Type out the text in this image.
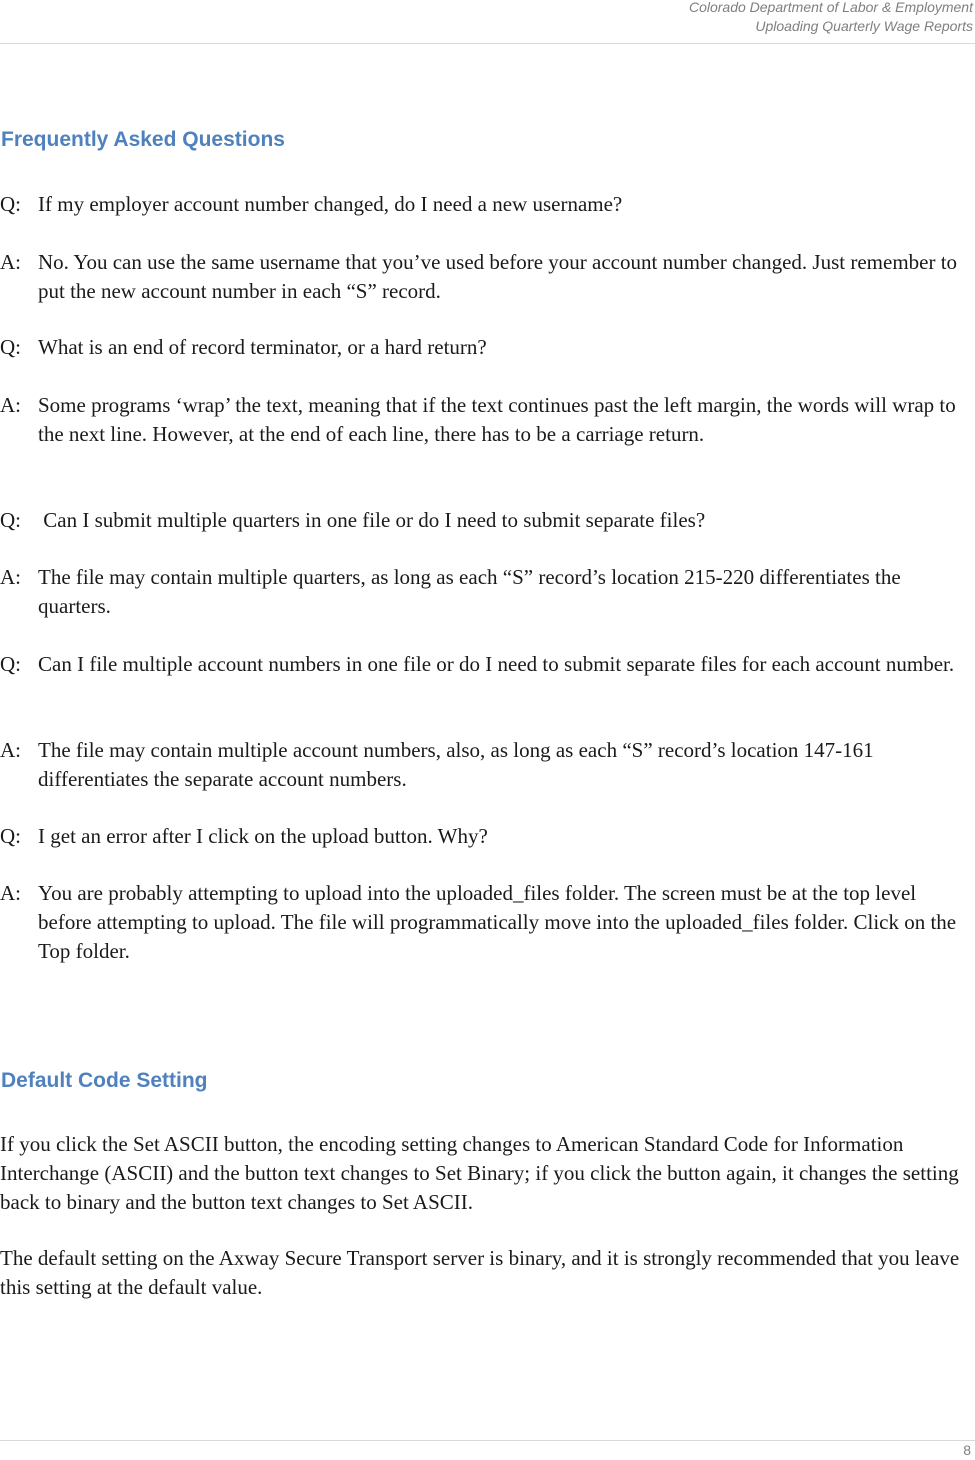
Colorado Department of Labor & Employment
Uploading Quarterly Wage Reports
Frequently Asked Questions
Q: If my employer account number changed, do I need a new username?
A: No. You can use the same username that you’ve used before your account number changed. Just remember to put the new account number in each “S” record.
Q: What is an end of record terminator, or a hard return?
A: Some programs ‘wrap’ the text, meaning that if the text continues past the left margin, the words will wrap to the next line. However, at the end of each line, there has to be a carriage return.
Q: Can I submit multiple quarters in one file or do I need to submit separate files?
A: The file may contain multiple quarters, as long as each “S” record’s location 215-220 differentiates the quarters.
Q: Can I file multiple account numbers in one file or do I need to submit separate files for each account number.
A: The file may contain multiple account numbers, also, as long as each “S” record’s location 147-161 differentiates the separate account numbers.
Q: I get an error after I click on the upload button. Why?
A: You are probably attempting to upload into the uploaded_files folder. The screen must be at the top level before attempting to upload. The file will programmatically move into the uploaded_files folder. Click on the Top folder.
Default Code Setting
If you click the Set ASCII button, the encoding setting changes to American Standard Code for Information Interchange (ASCII) and the button text changes to Set Binary; if you click the button again, it changes the setting back to binary and the button text changes to Set ASCII.
The default setting on the Axway Secure Transport server is binary, and it is strongly recommended that you leave this setting at the default value.
8
